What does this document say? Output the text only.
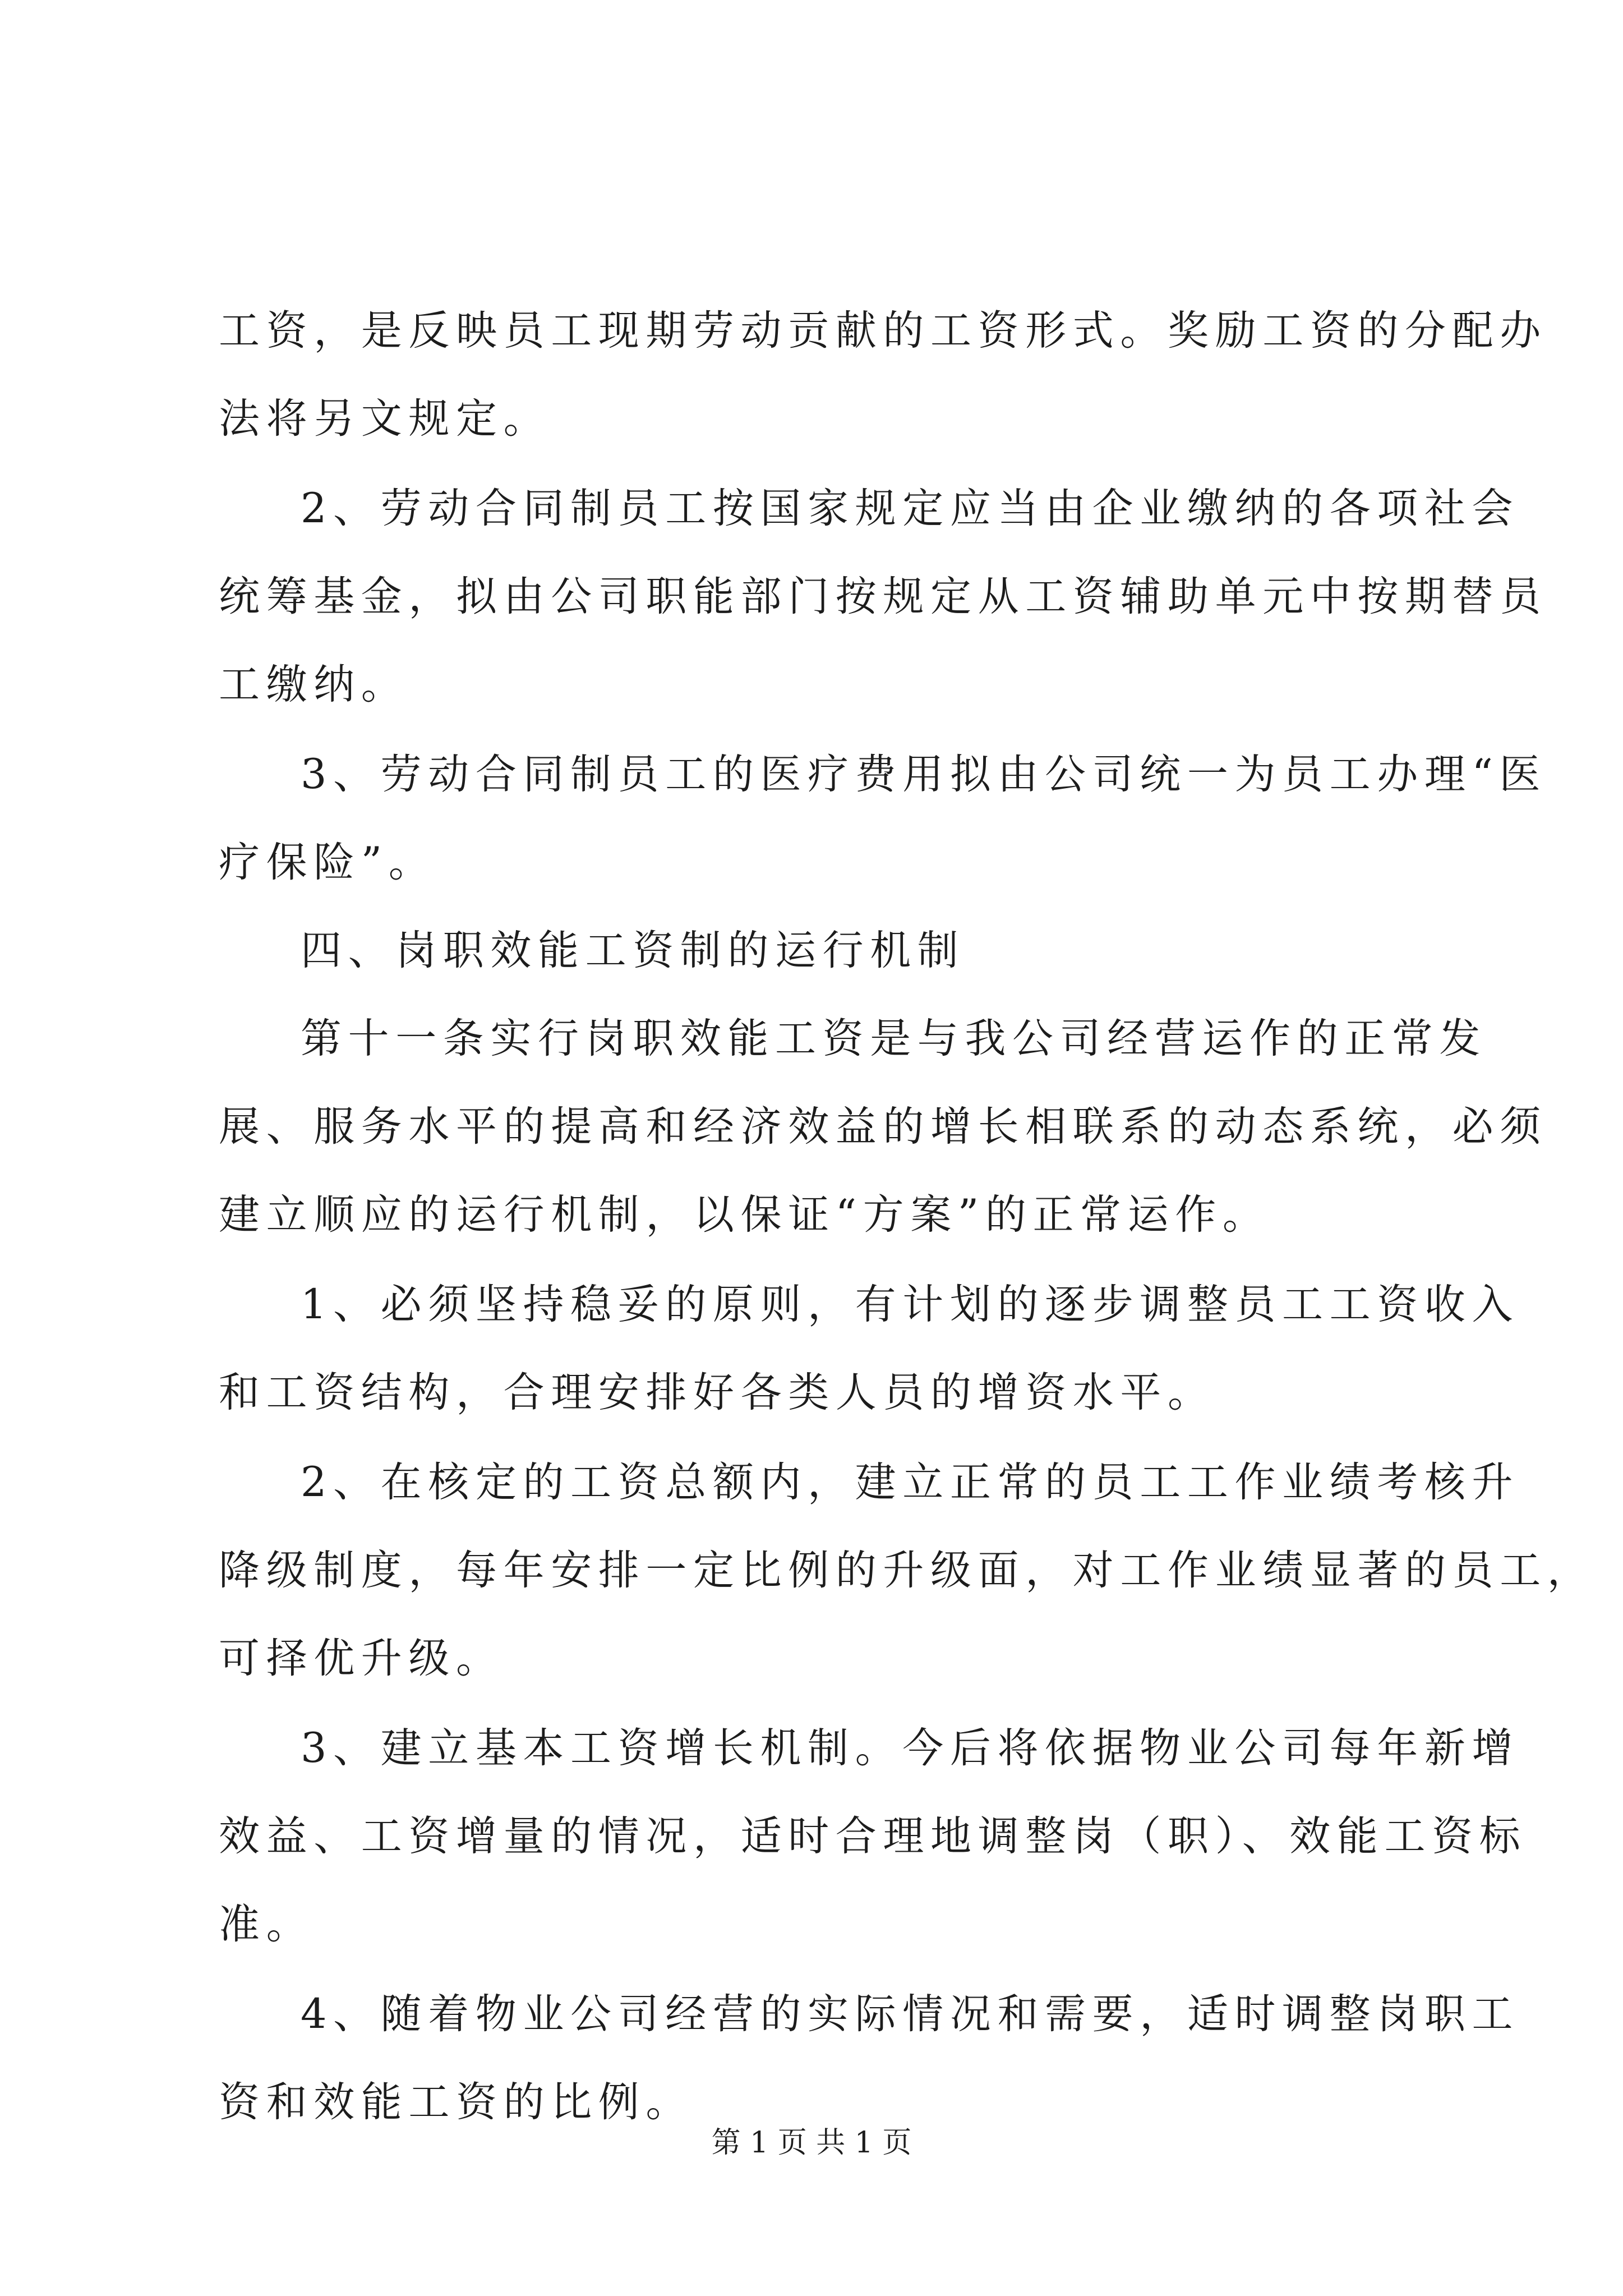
工资，是反映员工现期劳动贡献的工资形式。奖励工资的分配办
法将另文规定。
2、劳动合同制员工按国家规定应当由企业缴纳的各项社会
统筹基金，拟由公司职能部门按规定从工资辅助单元中按期替员
工缴纳。
3、劳动合同制员工的医疗费用拟由公司统一为员工办理“医
疗保险”。
四、岗职效能工资制的运行机制
第十一条实行岗职效能工资是与我公司经营运作的正常发
展、服务水平的提高和经济效益的增长相联系的动态系统，必须
建立顺应的运行机制，以保证“方案”的正常运作。
1、必须坚持稳妥的原则，有计划的逐步调整员工工资收入
和工资结构，合理安排好各类人员的增资水平。
2、在核定的工资总额内，建立正常的员工工作业绩考核升
降级制度，每年安排一定比例的升级面，对工作业绩显著的员工，
可择优升级。
3、建立基本工资增长机制。今后将依据物业公司每年新增
效益、工资增量的情况，适时合理地调整岗（职）、效能工资标
准。
4、随着物业公司经营的实际情况和需要，适时调整岗职工
资和效能工资的比例。
第 1 页 共 1 页
